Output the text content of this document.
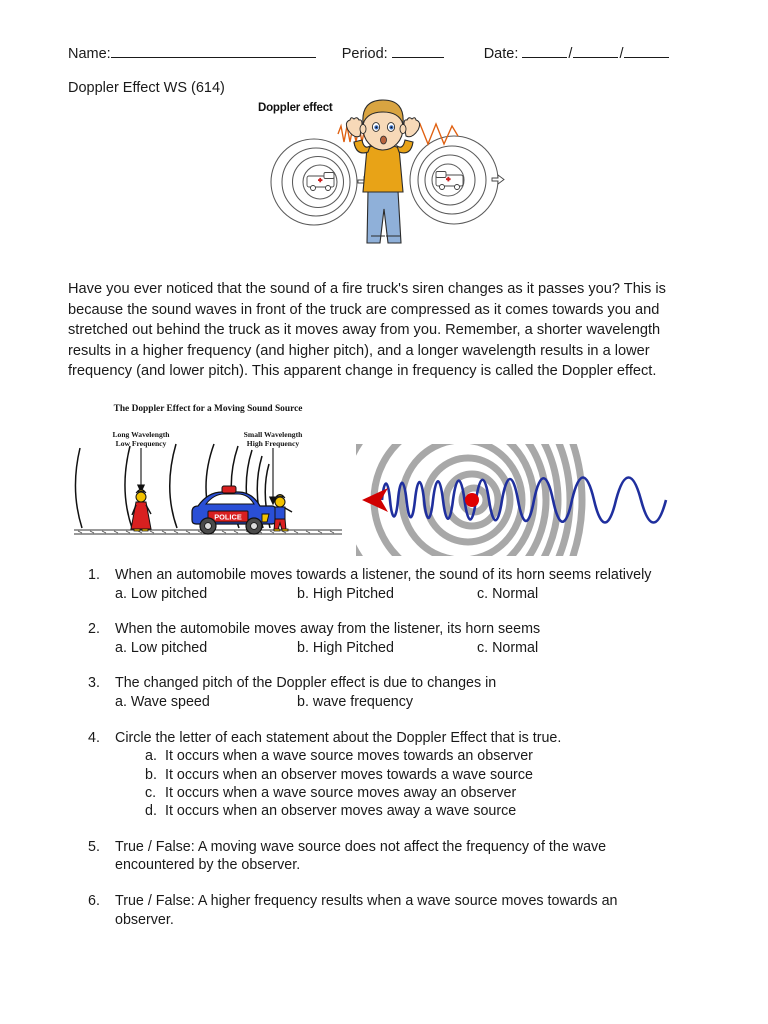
Name:	Period:	Date:	/	/
Doppler Effect WS (614)
Doppler effect
Have you ever noticed that the sound of a fire truck's siren changes as it passes you? This is because the sound waves in front of the truck are compressed as it comes towards you and stretched out behind the truck as it moves away from you. Remember, a shorter wavelength results in a higher frequency (and higher pitch), and a longer wavelength results in a lower frequency (and lower pitch). This apparent change in frequency is called the Doppler effect.
The Doppler Effect for a Moving Sound Source
Long Wavelength
Low Frequency
Small Wavelength
High Frequency
POLICE
1.	When an automobile moves towards a listener, the sound of its horn seems relatively
a. Low pitched	b. High Pitched	c. Normal
2.	When the automobile moves away from the listener, its horn seems
a. Low pitched	b. High Pitched	c. Normal
3.	The changed pitch of the Doppler effect is due to changes in
a. Wave speed	b. wave frequency
4.	Circle the letter of each statement about the Doppler Effect that is true.
a. It occurs when a wave source moves towards an observer
b. It occurs when an observer moves towards a wave source
c. It occurs when a wave source moves away an observer
d. It occurs when an observer moves away a wave source
5.	True / False: A moving wave source does not affect the frequency of the wave
encountered by the observer.
6.	True / False: A higher frequency results when a wave source moves towards an
observer.
